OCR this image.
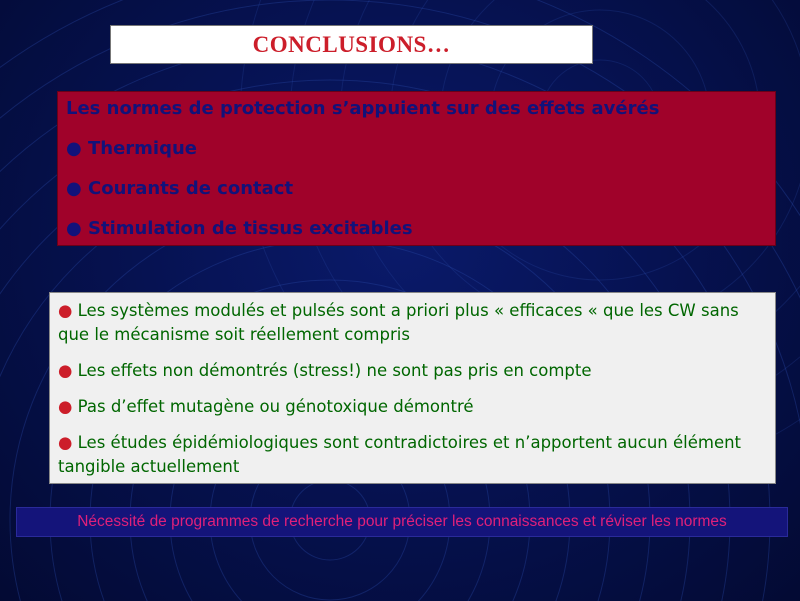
CONCLUSIONS…
Les normes de protection s’appuient sur des effets avérés
● Thermique
● Courants de contact
● Stimulation de tissus excitables
● Les systèmes modulés et pulsés sont a priori plus « efficaces « que les CW sans que le mécanisme soit réellement compris
● Les effets non démontrés (stress!) ne sont pas pris en compte
● Pas d’effet mutagène ou génotoxique démontré
● Les études épidémiologiques sont contradictoires et n’apportent aucun élément tangible actuellement
Nécessité de programmes de recherche pour préciser les connaissances et réviser les normes
